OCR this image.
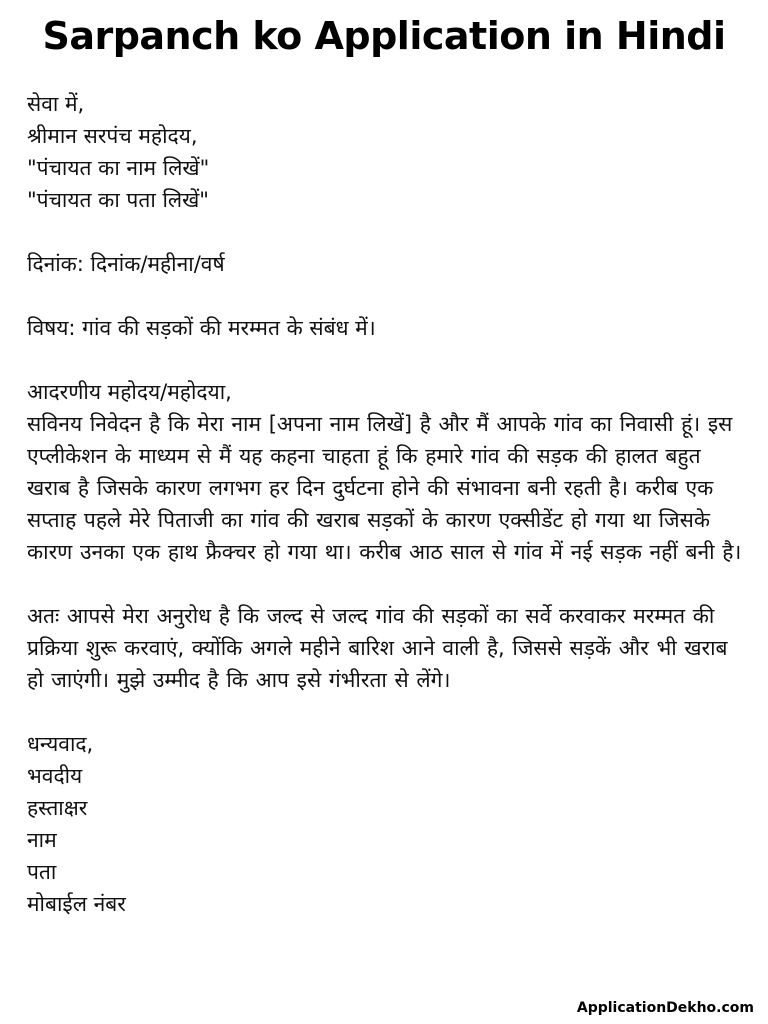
Sarpanch ko Application in Hindi
सेवा में,
श्रीमान सरपंच महोदय,
"पंचायत का नाम लिखें"
"पंचायत का पता लिखें"
दिनांक: दिनांक/महीना/वर्ष
विषय: गांव की सड़कों की मरम्मत के संबंध में।
आदरणीय महोदय/महोदया,
सविनय निवेदन है कि मेरा नाम [अपना नाम लिखें] है और मैं आपके गांव का निवासी हूं। इस एप्लीकेशन के माध्यम से मैं यह कहना चाहता हूं कि हमारे गांव की सड़क की हालत बहुत खराब है जिसके कारण लगभग हर दिन दुर्घटना होने की संभावना बनी रहती है। करीब एक सप्ताह पहले मेरे पिताजी का गांव की खराब सड़कों के कारण एक्सीडेंट हो गया था जिसके कारण उनका एक हाथ फ्रैक्चर हो गया था। करीब आठ साल से गांव में नई सड़क नहीं बनी है।
अतः आपसे मेरा अनुरोध है कि जल्द से जल्द गांव की सड़कों का सर्वे करवाकर मरम्मत की प्रक्रिया शुरू करवाएं, क्योंकि अगले महीने बारिश आने वाली है, जिससे सड़कें और भी खराब हो जाएंगी। मुझे उम्मीद है कि आप इसे गंभीरता से लेंगे।
धन्यवाद,
भवदीय
हस्ताक्षर
नाम
पता
मोबाईल नंबर
ApplicationDekho.com
